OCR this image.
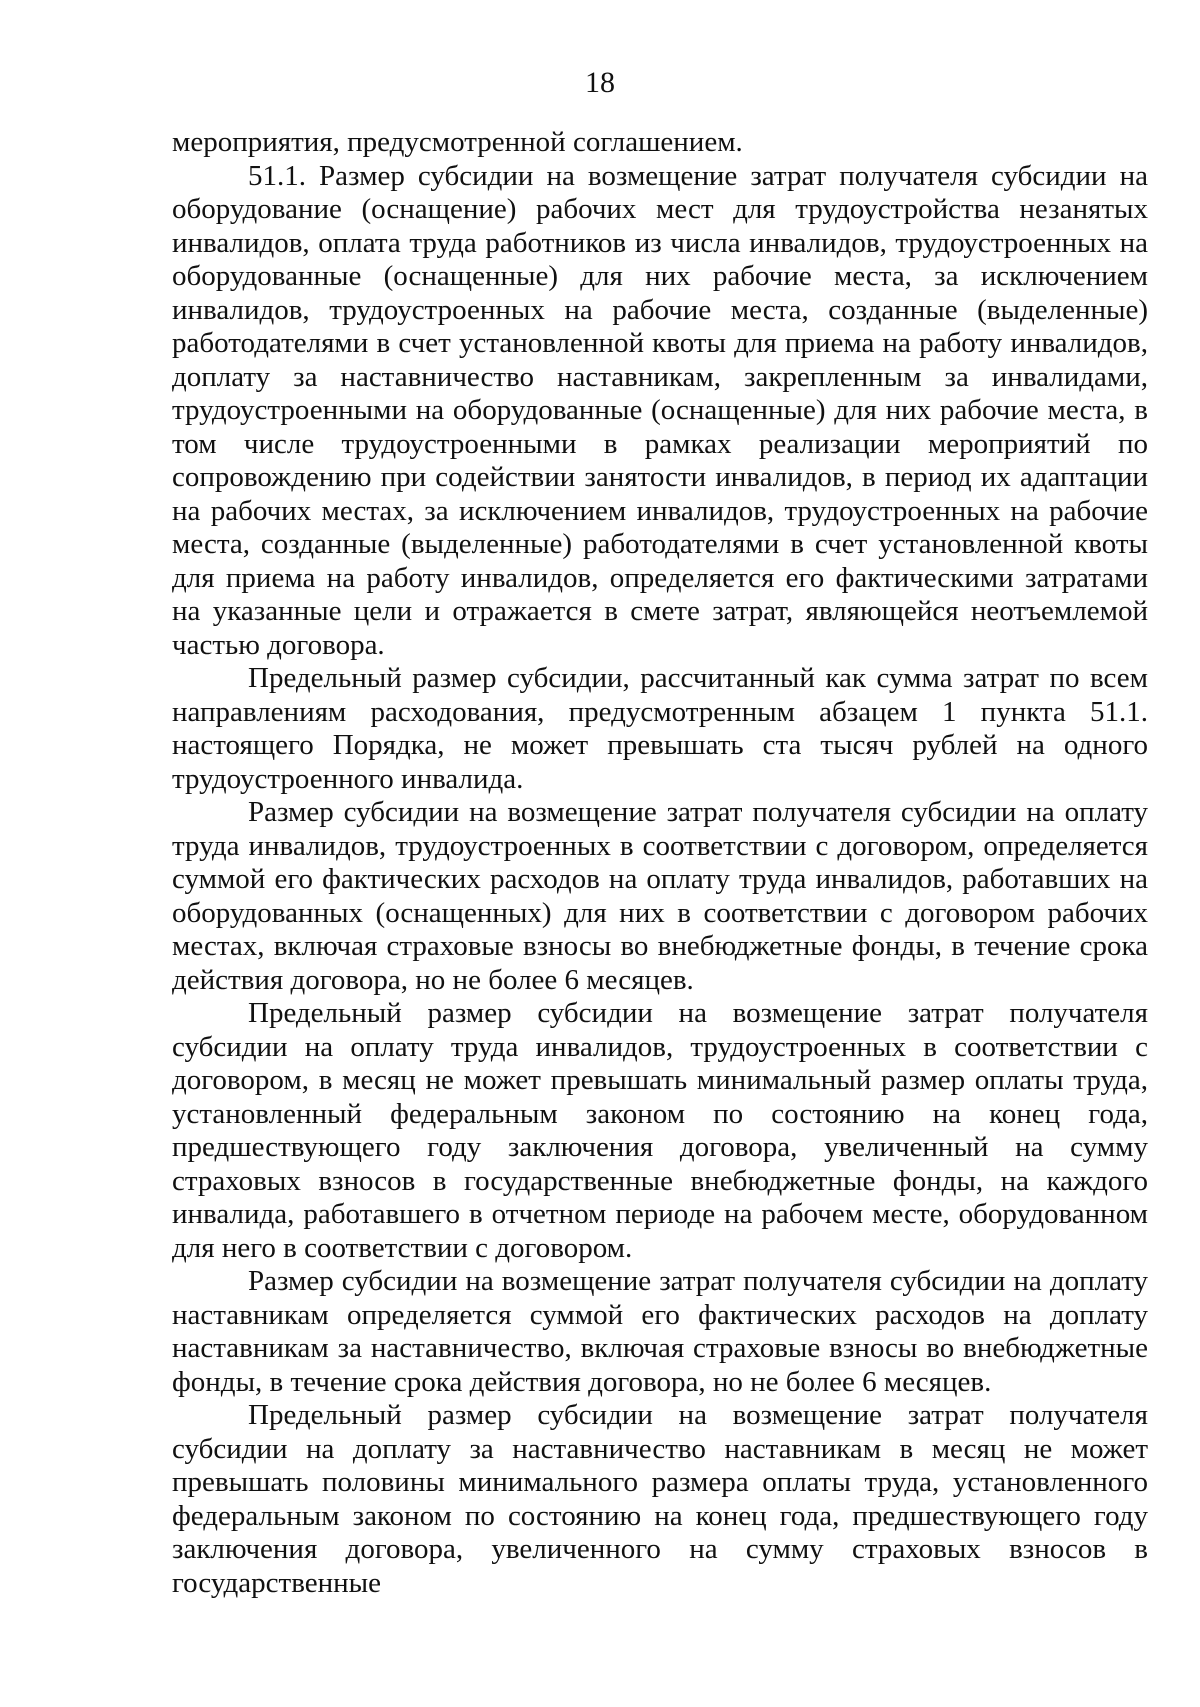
18

мероприятия, предусмотренной соглашением.

51.1. Размер субсидии на возмещение затрат получателя субсидии на оборудование (оснащение) рабочих мест для трудоустройства незанятых инвалидов, оплата труда работников из числа инвалидов, трудоустроенных на оборудованные (оснащенные) для них рабочие места, за исключением инвалидов, трудоустроенных на рабочие места, созданные (выделенные) работодателями в счет установленной квоты для приема на работу инвалидов, доплату за наставничество наставникам, закрепленным за инвалидами, трудоустроенными на оборудованные (оснащенные) для них рабочие места, в том числе трудоустроенными в рамках реализации мероприятий по сопровождению при содействии занятости инвалидов, в период их адаптации на рабочих местах, за исключением инвалидов, трудоустроенных на рабочие места, созданные (выделенные) работодателями в счет установленной квоты для приема на работу инвалидов, определяется его фактическими затратами на указанные цели и отражается в смете затрат, являющейся неотъемлемой частью договора.

Предельный размер субсидии, рассчитанный как сумма затрат по всем направлениям расходования, предусмотренным абзацем 1 пункта 51.1. настоящего Порядка, не может превышать ста тысяч рублей на одного трудоустроенного инвалида.

Размер субсидии на возмещение затрат получателя субсидии на оплату труда инвалидов, трудоустроенных в соответствии с договором, определяется суммой его фактических расходов на оплату труда инвалидов, работавших на оборудованных (оснащенных) для них в соответствии с договором рабочих местах, включая страховые взносы во внебюджетные фонды, в течение срока действия договора, но не более 6 месяцев.

Предельный размер субсидии на возмещение затрат получателя субсидии на оплату труда инвалидов, трудоустроенных в соответствии с договором, в месяц не может превышать минимальный размер оплаты труда, установленный федеральным законом по состоянию на конец года, предшествующего году заключения договора, увеличенный на сумму страховых взносов в государственные внебюджетные фонды, на каждого инвалида, работавшего в отчетном периоде на рабочем месте, оборудованном для него в соответствии с договором.

Размер субсидии на возмещение затрат получателя субсидии на доплату наставникам определяется суммой его фактических расходов на доплату наставникам за наставничество, включая страховые взносы во внебюджетные фонды, в течение срока действия договора, но не более 6 месяцев.

Предельный размер субсидии на возмещение затрат получателя субсидии на доплату за наставничество наставникам в месяц не может превышать половины минимального размера оплаты труда, установленного федеральным законом по состоянию на конец года, предшествующего году заключения договора, увеличенного на сумму страховых взносов в государственные
